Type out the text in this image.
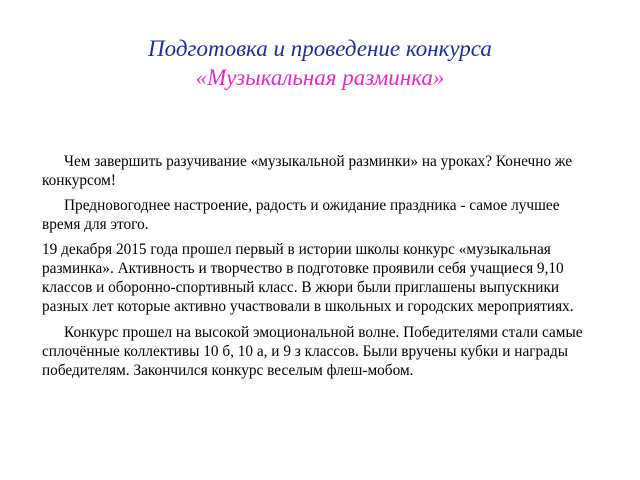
Подготовка и проведение конкурса
«Музыкальная разминка»

Чем завершить разучивание «музыкальной разминки» на уроках? Конечно же конкурсом!

Предновогоднее настроение, радость и ожидание праздника - самое лучшее время для этого.

19 декабря 2015 года прошел первый в истории школы конкурс «музыкальная разминка». Активность и творчество в подготовке проявили себя учащиеся 9,10 классов и оборонно-спортивный класс. В жюри были приглашены выпускники разных лет которые активно участвовали в школьных и городских мероприятиях.

Конкурс прошел на высокой эмоциональной волне. Победителями стали самые сплочённые коллективы 10 б, 10 а, и 9 з классов. Были вручены кубки и награды победителям. Закончился конкурс веселым флеш-мобом.
